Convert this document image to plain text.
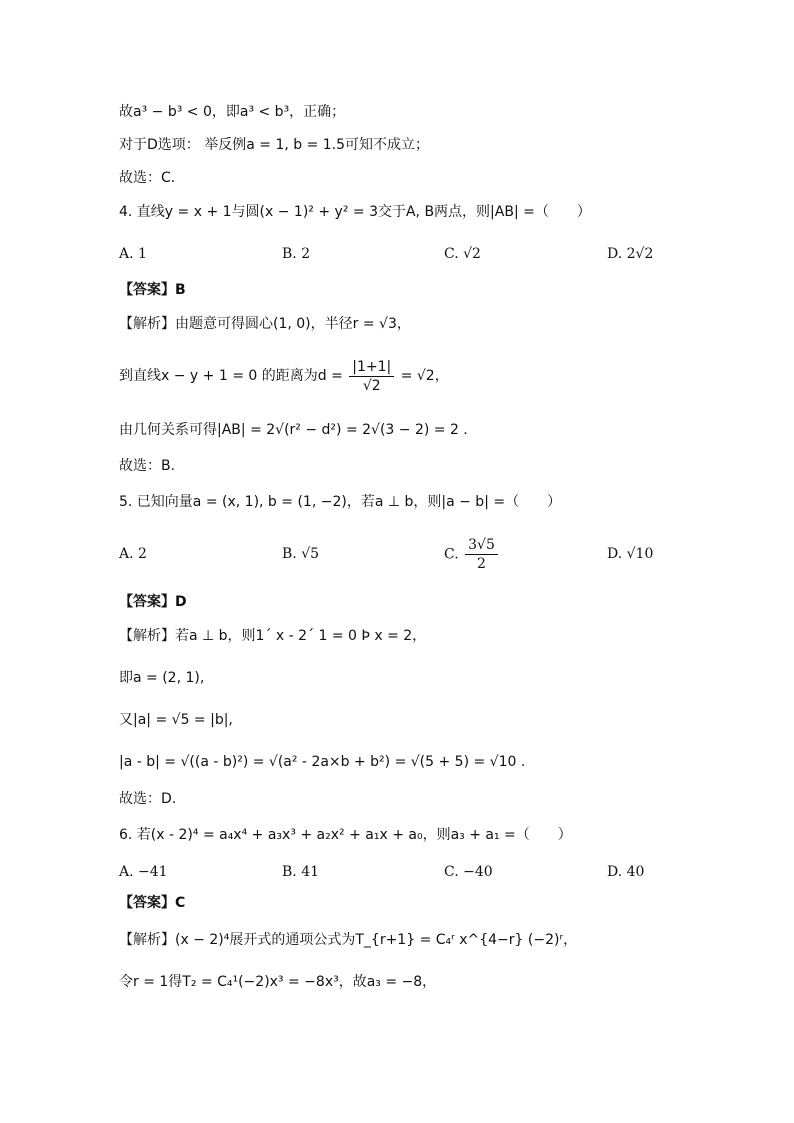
故a³ − b³ < 0，即a³ < b³，正确；
对于D选项： 举反例a = 1, b = 1.5可知不成立；
故选：C．
4. 直线y = x + 1与圆(x − 1)² + y² = 3交于A, B两点，则|AB| =（　　）
A. 1	B. 2	C. √2	D. 2√2
【答案】B
【解析】由题意可得圆心(1, 0)，半径r = √3，
到直线x − y + 1 = 0 的距离为$d = \frac{|1+1|}{√2} = √2$，
由几何关系可得|AB| = 2√(r² − d²) = 2√(3 − 2) = 2 .
故选：B.
5. 已知向量a = (x, 1), b = (1, −2)，若a ⊥ b，则|a − b| =（　　）
A. 2	B. √5	C. $\frac{3√5}{2}$	D. √10
【答案】D
【解析】若a ⊥ b，则1´ x - 2´ 1 = 0 Þ x = 2，
即a = (2, 1),
又|a| = √5 = |b|,
|a - b| = √((a - b)²) = √(a² - 2a×b + b²) = √(5 + 5) = √10 .
故选：D.
6. 若(x - 2)⁴ = a₄x⁴ + a₃x³ + a₂x² + a₁x + a₀，则a₃ + a₁ =（　　）
A. −41	B. 41	C. −40	D. 40
【答案】C
【解析】(x − 2)⁴展开式的通项公式为T_{r+1} = C₄ʳ x^{4−r} (−2)ʳ，
令r = 1得T₂ = C₄¹(−2)x³ = −8x³，故a₃ = −8，
